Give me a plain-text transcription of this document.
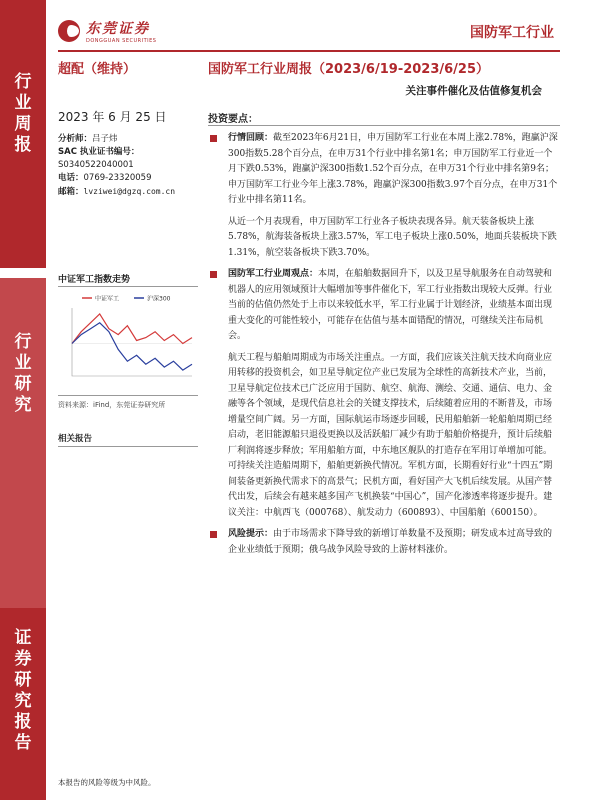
行业周报
行业研究
证券研究报告
东莞证券
DONGGUAN SECURITIES	国防军工行业
超配（维持）	国防军工行业周报（2023/6/19-2023/6/25）
关注事件催化及估值修复机会
2023 年 6 月 25 日
分析师：吕子炜
SAC 执业证书编号：
S0340522040001
电话：0769-23320059
邮箱：lvziwei@dgzq.com.cn
中证军工指数走势
中证军工	沪深300
资料来源：iFind，东莞证券研究所
相关报告
投资要点：
行情回顾：截至2023年6月21日，申万国防军工行业在本周上涨2.78%，跑赢沪深300指数5.28个百分点，在申万31个行业中排名第1名；申万国防军工行业近一个月下跌0.53%，跑赢沪深300指数1.52个百分点，在申万31个行业中排名第9名；申万国防军工行业今年上涨3.78%，跑赢沪深300指数3.97个百分点，在申万31个行业中排名第11名。
从近一个月表现看，申万国防军工行业各子板块表现各异。航天装备板块上涨5.78%，航海装备板块上涨3.57%，军工电子板块上涨0.50%，地面兵装板块下跌1.31%，航空装备板块下跌3.70%。
国防军工行业周观点：本周，在船舶数据回升下，以及卫星导航服务在自动驾驶和机器人的应用领域预计大幅增加等事件催化下，军工行业指数出现较大反弹。行业当前的估值仍然处于上市以来较低水平，军工行业属于计划经济，业绩基本面出现重大变化的可能性较小，可能存在估值与基本面错配的情况，可继续关注布局机会。
航天工程与船舶周期成为市场关注重点。一方面，我们应该关注航天技术向商业应用转移的投资机会，如卫星导航定位产业已发展为全球性的高新技术产业，当前，卫星导航定位技术已广泛应用于国防、航空、航海、测绘、交通、通信、电力、金融等各个领域，是现代信息社会的关键支撑技术，后续随着应用的不断普及，市场增量空间广阔。另一方面，国际航运市场逐步回暖，民用船舶新一轮船舶周期已经启动，老旧能源船只退役更换以及活跃船厂减少有助于船舶价格提升，预计后续船厂利润将逐步释放；军用船舶方面，中东地区舰队的打造存在军用订单增加可能。可持续关注造船周期下，船舶更新换代情况。军机方面，长期看好行业“十四五”期间装备更新换代需求下的高景气；民机方面，看好国产大飞机后续发展。从国产替代出发，后续会有越来越多国产飞机换装“中国心”，国产化渗透率将逐步提升。建议关注：中航西飞（000768）、航发动力（600893）、中国船舶（600150）。
风险提示：由于市场需求下降导致的新增订单数量不及预期；研发成本过高导致的企业业绩低于预期；俄乌战争风险导致的上游材料涨价。
本报告的风险等级为中风险。
